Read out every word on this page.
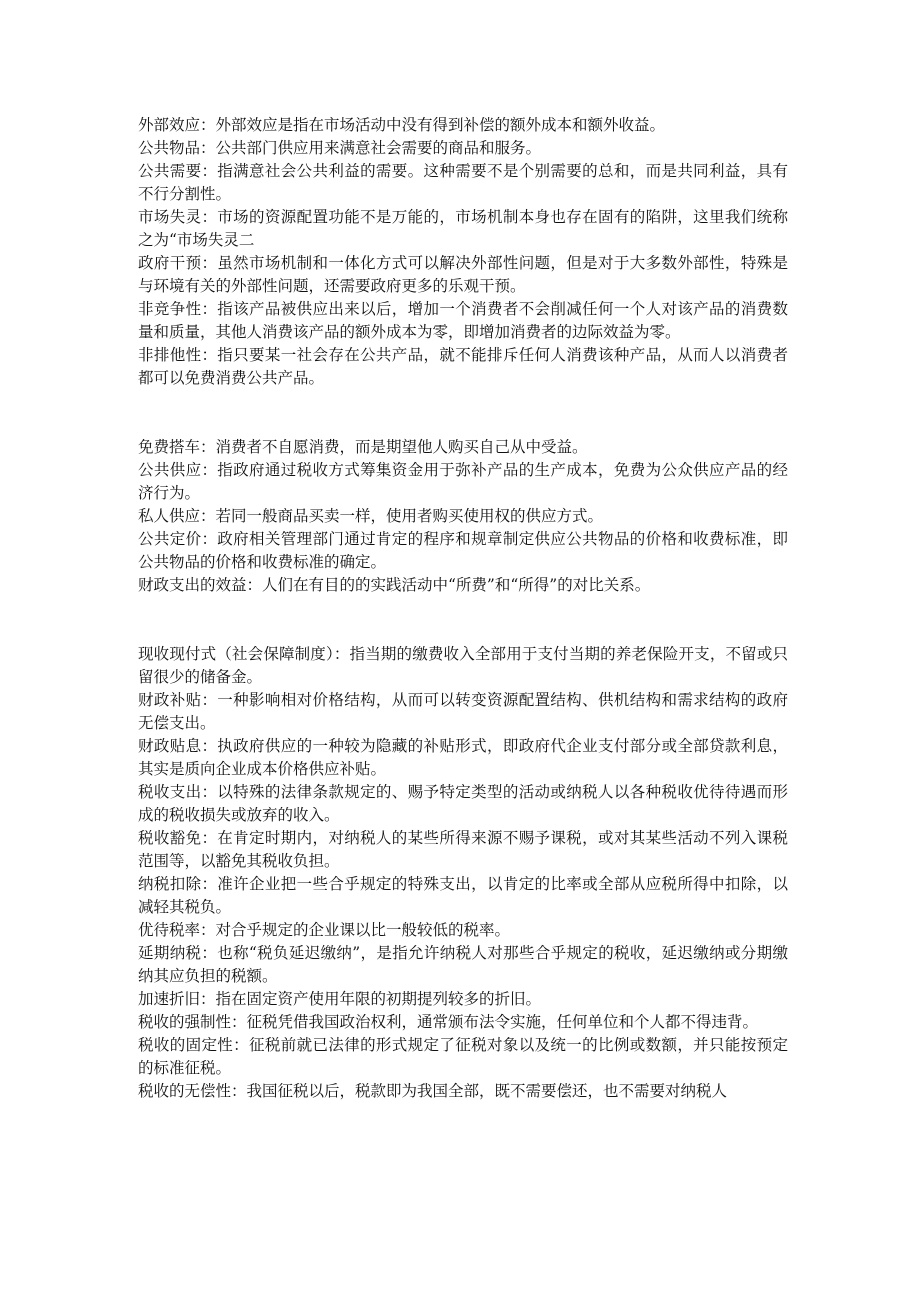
外部效应：外部效应是指在市场活动中没有得到补偿的额外成本和额外收益。

公共物品：公共部门供应用来满意社会需要的商品和服务。

公共需要：指满意社会公共利益的需要。这种需要不是个别需要的总和，而是共同利益，具有不行分割性。

市场失灵：市场的资源配置功能不是万能的，市场机制本身也存在固有的陷阱，这里我们统称之为“市场失灵二

政府干预：虽然市场机制和一体化方式可以解决外部性问题，但是对于大多数外部性，特殊是与环境有关的外部性问题，还需要政府更多的乐观干预。

非竞争性：指该产品被供应出来以后，增加一个消费者不会削减任何一个人对该产品的消费数量和质量，其他人消费该产品的额外成本为零，即增加消费者的边际效益为零。

非排他性：指只要某一社会存在公共产品，就不能排斥任何人消费该种产品，从而人以消费者都可以免费消费公共产品。

免费搭车：消费者不自愿消费，而是期望他人购买自己从中受益。

公共供应：指政府通过税收方式筹集资金用于弥补产品的生产成本，免费为公众供应产品的经济行为。

私人供应：若同一般商品买卖一样，使用者购买使用权的供应方式。

公共定价：政府相关管理部门通过肯定的程序和规章制定供应公共物品的价格和收费标准，即公共物品的价格和收费标准的确定。

财政支出的效益：人们在有目的的实践活动中“所费”和“所得”的对比关系。

现收现付式（社会保障制度）：指当期的缴费收入全部用于支付当期的养老保险开支，不留或只留很少的储备金。

财政补贴：一种影响相对价格结构，从而可以转变资源配置结构、供机结构和需求结构的政府无偿支出。

财政贴息：执政府供应的一种较为隐藏的补贴形式，即政府代企业支付部分或全部贷款利息，其实是质向企业成本价格供应补贴。

税收支出：以特殊的法律条款规定的、赐予特定类型的活动或纳税人以各种税收优待待遇而形成的税收损失或放弃的收入。

税收豁免：在肯定时期内，对纳税人的某些所得来源不赐予课税，或对其某些活动不列入课税范围等，以豁免其税收负担。

纳税扣除：准许企业把一些合乎规定的特殊支出，以肯定的比率或全部从应税所得中扣除，以减轻其税负。

优待税率：对合乎规定的企业课以比一般较低的税率。

延期纳税：也称“税负延迟缴纳”，是指允许纳税人对那些合乎规定的税收，延迟缴纳或分期缴纳其应负担的税额。

加速折旧：指在固定资产使用年限的初期提列较多的折旧。

税收的强制性：征税凭借我国政治权利，通常颁布法令实施，任何单位和个人都不得违背。

税收的固定性：征税前就已法律的形式规定了征税对象以及统一的比例或数额，并只能按预定的标准征税。

税收的无偿性：我国征税以后，税款即为我国全部，既不需要偿还，也不需要对纳税人
